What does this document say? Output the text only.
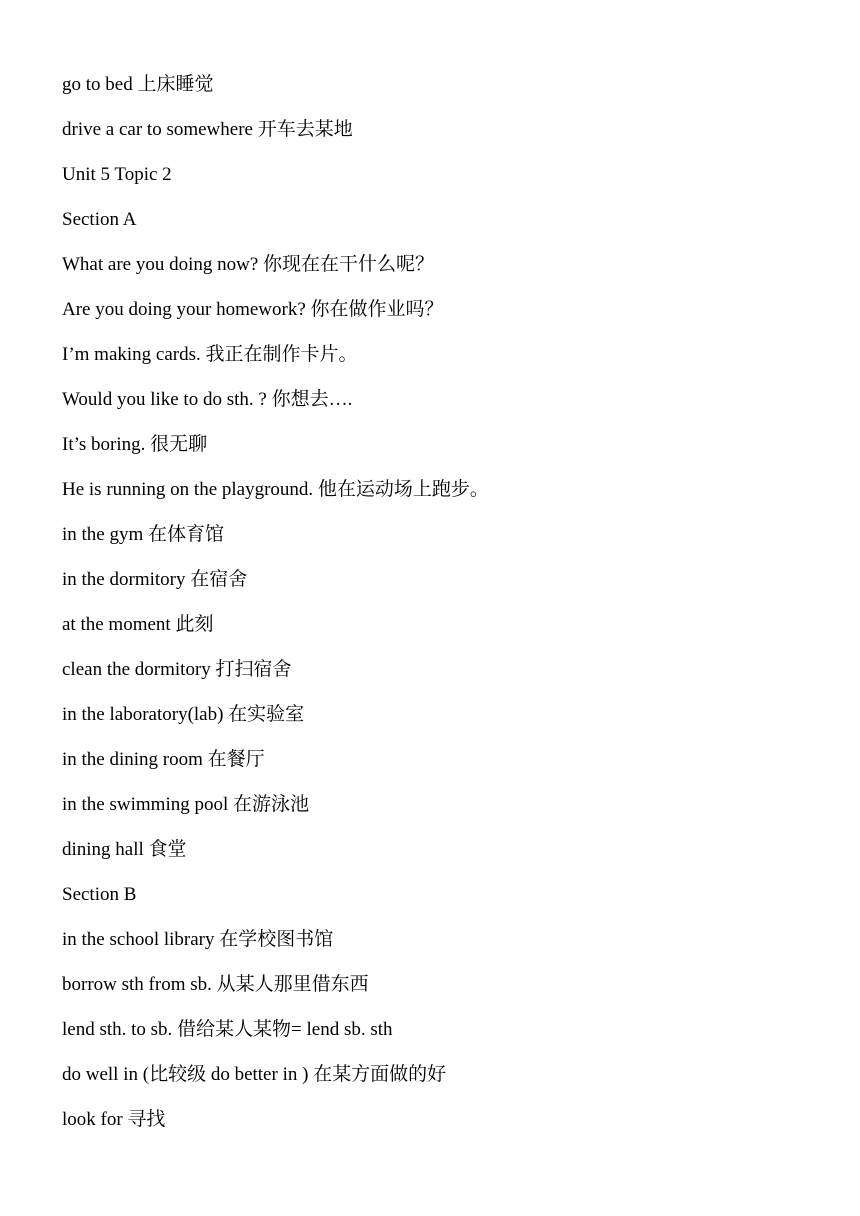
go to bed 上床睡觉
drive a car to somewhere 开车去某地
Unit 5 Topic 2
Section A
What are you doing now? 你现在在干什么呢？
Are you doing your homework? 你在做作业吗？
I’m making cards. 我正在制作卡片。
Would you like to do sth. ? 你想去….
It’s boring. 很无聊
He is running on the playground. 他在运动场上跑步。
in the gym 在体育馆
in the dormitory 在宿舍
at the moment 此刻
clean the dormitory 打扫宿舍
in the laboratory(lab) 在实验室
in the dining room 在餐厅
in the swimming pool 在游泳池
dining hall 食堂
Section B
in the school library 在学校图书馆
borrow sth from sb. 从某人那里借东西
lend sth. to sb. 借给某人某物= lend sb. sth
do well in (比较级 do better in ) 在某方面做的好
look for 寻找
